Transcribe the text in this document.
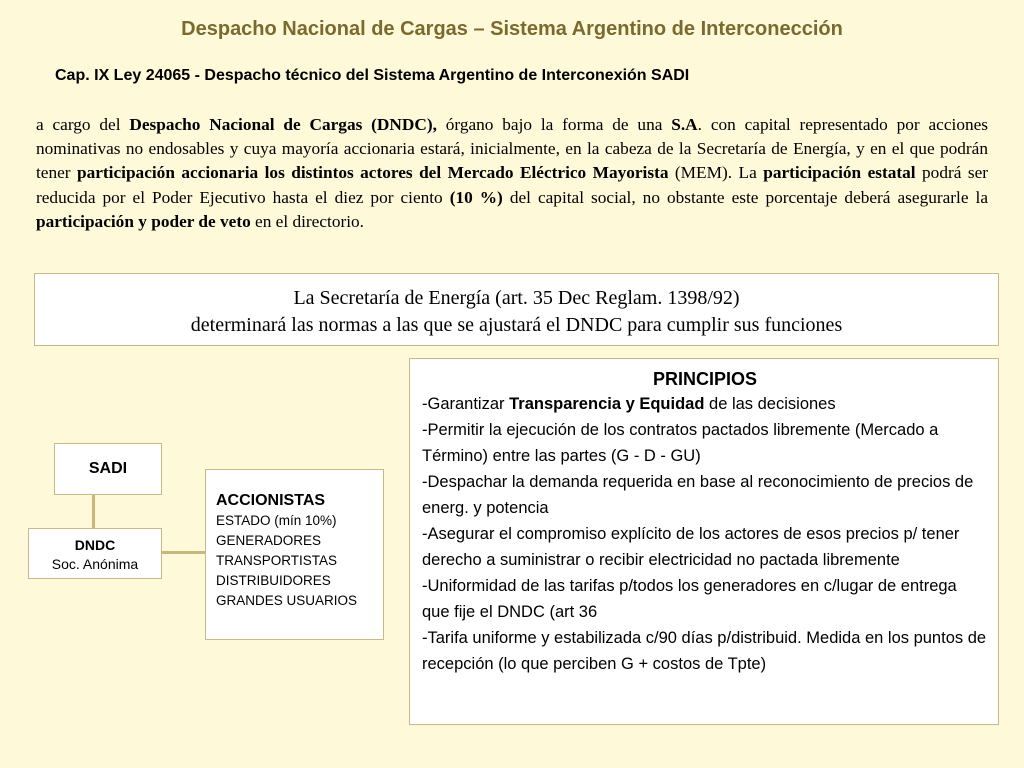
Despacho Nacional de Cargas – Sistema Argentino de Interconección
Cap. IX Ley 24065 - Despacho técnico del Sistema Argentino de Interconexión SADI
a cargo del Despacho Nacional de Cargas (DNDC), órgano bajo la forma de una S.A. con capital representado por acciones nominativas no endosables y cuya mayoría accionaria estará, inicialmente, en la cabeza de la Secretaría de Energía, y en el que podrán tener participación accionaria los distintos actores del Mercado Eléctrico Mayorista (MEM). La participación estatal podrá ser reducida por el Poder Ejecutivo hasta el diez por ciento (10 %) del capital social, no obstante este porcentaje deberá asegurarle la participación y poder de veto en el directorio.
La Secretaría de Energía (art. 35 Dec Reglam. 1398/92)
determinará las normas a las que se ajustará el DNDC para cumplir sus funciones
SADI
DNDC
Soc. Anónima
ACCIONISTAS
ESTADO (mín 10%)
GENERADORES
TRANSPORTISTAS
DISTRIBUIDORES
GRANDES USUARIOS
PRINCIPIOS
-Garantizar Transparencia y Equidad de las decisiones
-Permitir la ejecución de los contratos pactados libremente (Mercado a Término) entre las partes (G - D - GU)
-Despachar la demanda requerida en base al reconocimiento de precios de energ. y potencia
-Asegurar el compromiso explícito de los actores de esos precios p/ tener derecho a suministrar o recibir electricidad no pactada libremente
-Uniformidad de las tarifas p/todos los generadores en c/lugar de entrega que fije el DNDC (art 36
-Tarifa uniforme y estabilizada c/90 días p/distribuid. Medida en los puntos de recepción (lo que perciben G + costos de Tpte)
